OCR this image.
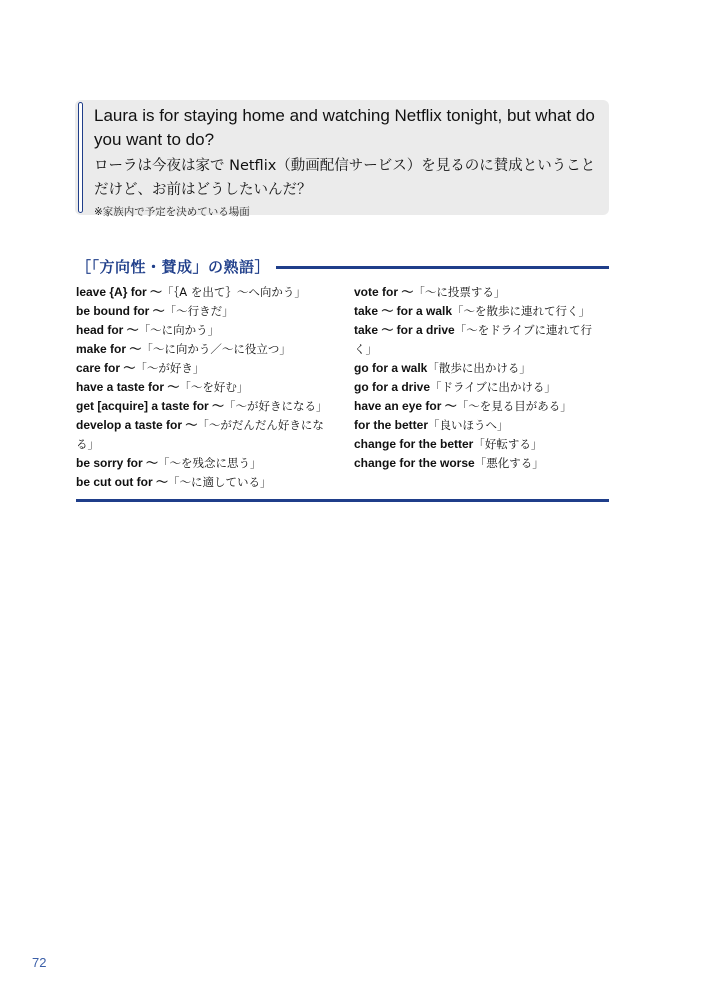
Laura is for staying home and watching Netflix tonight, but what do you want to do?

ローラは今夜は家で Netflix（動画配信サービス）を見るのに賛成ということだけど、お前はどうしたいんだ？

※家族内で予定を決めている場面

［「方向性・賛成」の熟語］

leave {A} for ～「｛A を出て｝～へ向かう」

be bound for ～「～行きだ」

head for ～「～に向かう」

make for ～「～に向かう／～に役立つ」

care for ～「～が好き」

have a taste for ～「～を好む」

get [acquire] a taste for ～「～が好きになる」

develop a taste for ～「～がだんだん好きになる」

be sorry for ～「～を残念に思う」

be cut out for ～「～に適している」

vote for ～「～に投票する」

take ～ for a walk「～を散歩に連れて行く」

take ～ for a drive「～をドライブに連れて行く」

go for a walk「散歩に出かける」

go for a drive「ドライブに出かける」

have an eye for ～「～を見る目がある」

for the better「良いほうへ」

change for the better「好転する」

change for the worse「悪化する」

72
